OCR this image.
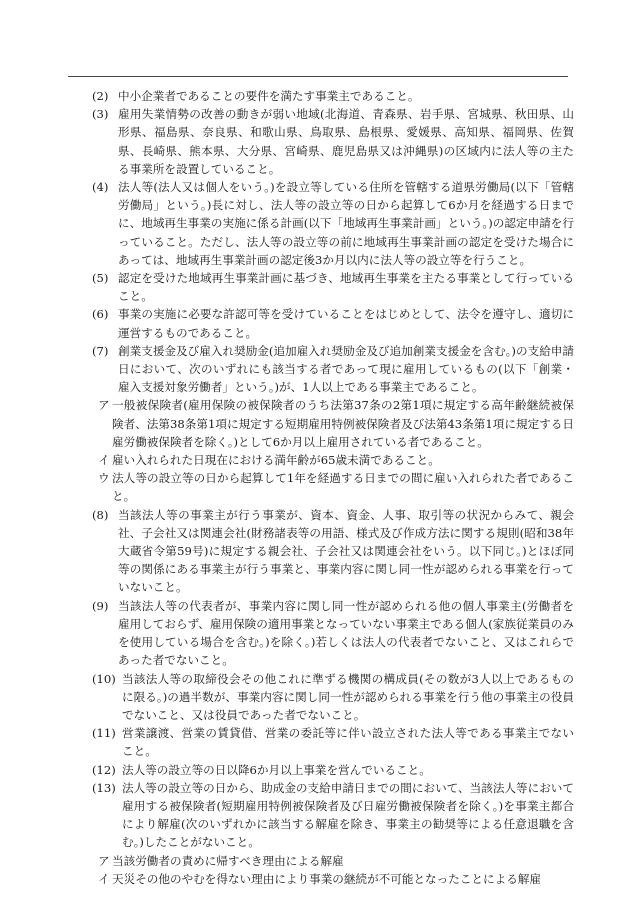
(2) 中小企業者であることの要件を満たす事業主であること。
(3) 雇用失業情勢の改善の動きが弱い地域(北海道、青森県、岩手県、宮城県、秋田県、山形県、福島県、奈良県、和歌山県、鳥取県、島根県、愛媛県、高知県、福岡県、佐賀県、長崎県、熊本県、大分県、宮崎県、鹿児島県又は沖縄県)の区域内に法人等の主たる事業所を設置していること。
(4) 法人等(法人又は個人をいう。)を設立等している住所を管轄する道県労働局(以下「管轄労働局」という。)長に対し、法人等の設立等の日から起算して6か月を経過する日までに、地域再生事業の実施に係る計画(以下「地域再生事業計画」という。)の認定申請を行っていること。ただし、法人等の設立等の前に地域再生事業計画の認定を受けた場合にあっては、地域再生事業計画の認定後3か月以内に法人等の設立等を行うこと。
(5) 認定を受けた地域再生事業計画に基づき、地域再生事業を主たる事業として行っていること。
(6) 事業の実施に必要な許認可等を受けていることをはじめとして、法令を遵守し、適切に運営するものであること。
(7) 創業支援金及び雇入れ奨励金(追加雇入れ奨励金及び追加創業支援金を含む。)の支給申請日において、次のいずれにも該当する者であって現に雇用しているもの(以下「創業・雇入支援対象労働者」という。)が、1人以上である事業主であること。
ア 一般被保険者(雇用保険の被保険者のうち法第37条の2第1項に規定する高年齢継続被保険者、法第38条第1項に規定する短期雇用特例被保険者及び法第43条第1項に規定する日雇労働被保険者を除く。)として6か月以上雇用されている者であること。
イ 雇い入れられた日現在における満年齢が65歳未満であること。
ウ 法人等の設立等の日から起算して1年を経過する日までの間に雇い入れられた者であること。
(8) 当該法人等の事業主が行う事業が、資本、資金、人事、取引等の状況からみて、親会社、子会社又は関連会社(財務諸表等の用語、様式及び作成方法に関する規則(昭和38年大蔵省令第59号)に規定する親会社、子会社又は関連会社をいう。以下同じ。)とほぼ同等の関係にある事業主が行う事業と、事業内容に関し同一性が認められる事業を行っていないこと。
(9) 当該法人等の代表者が、事業内容に関し同一性が認められる他の個人事業主(労働者を雇用しておらず、雇用保険の適用事業となっていない事業主である個人(家族従業員のみを使用している場合を含む。)を除く。)若しくは法人の代表者でないこと、又はこれらであった者でないこと。
(10) 当該法人等の取締役会その他これに準ずる機関の構成員(その数が3人以上であるものに限る。)の過半数が、事業内容に関し同一性が認められる事業を行う他の事業主の役員でないこと、又は役員であった者でないこと。
(11) 営業譲渡、営業の賃貸借、営業の委託等に伴い設立された法人等である事業主でないこと。
(12) 法人等の設立等の日以降6か月以上事業を営んでいること。
(13) 法人等の設立等の日から、助成金の支給申請日までの間において、当該法人等において雇用する被保険者(短期雇用特例被保険者及び日雇労働被保険者を除く。)を事業主都合により解雇(次のいずれかに該当する解雇を除き、事業主の勧奨等による任意退職を含む。)したことがないこと。
ア 当該労働者の責めに帰すべき理由による解雇
イ 天災その他のやむを得ない理由により事業の継続が不可能となったことによる解雇
